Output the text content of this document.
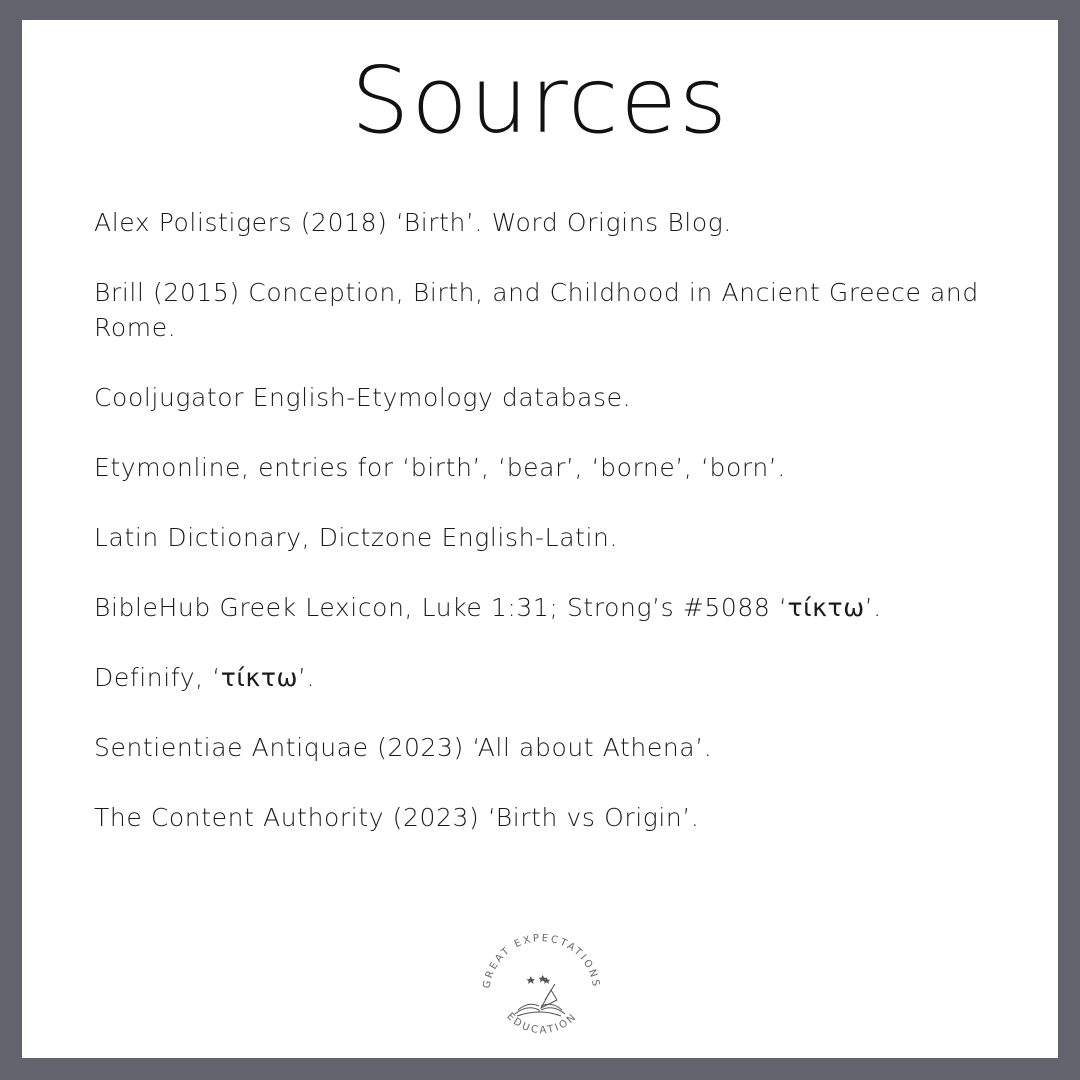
Sources
Alex Polistigers (2018) ‘Birth’. Word Origins Blog.
Brill (2015) Conception, Birth, and Childhood in Ancient Greece and Rome.
Cooljugator English-Etymology database.
Etymonline, entries for ‘birth’, ‘bear’, ‘borne’, ‘born’.
Latin Dictionary, Dictzone English-Latin.
BibleHub Greek Lexicon, Luke 1:31; Strong’s #5088 ‘τίκτω’.
Definify, ‘τίκτω’.
Sentientiae Antiquae (2023) ‘All about Athena’.
The Content Authority (2023) ‘Birth vs Origin’.
GREAT EXPECTATIONS
EDUCATION
